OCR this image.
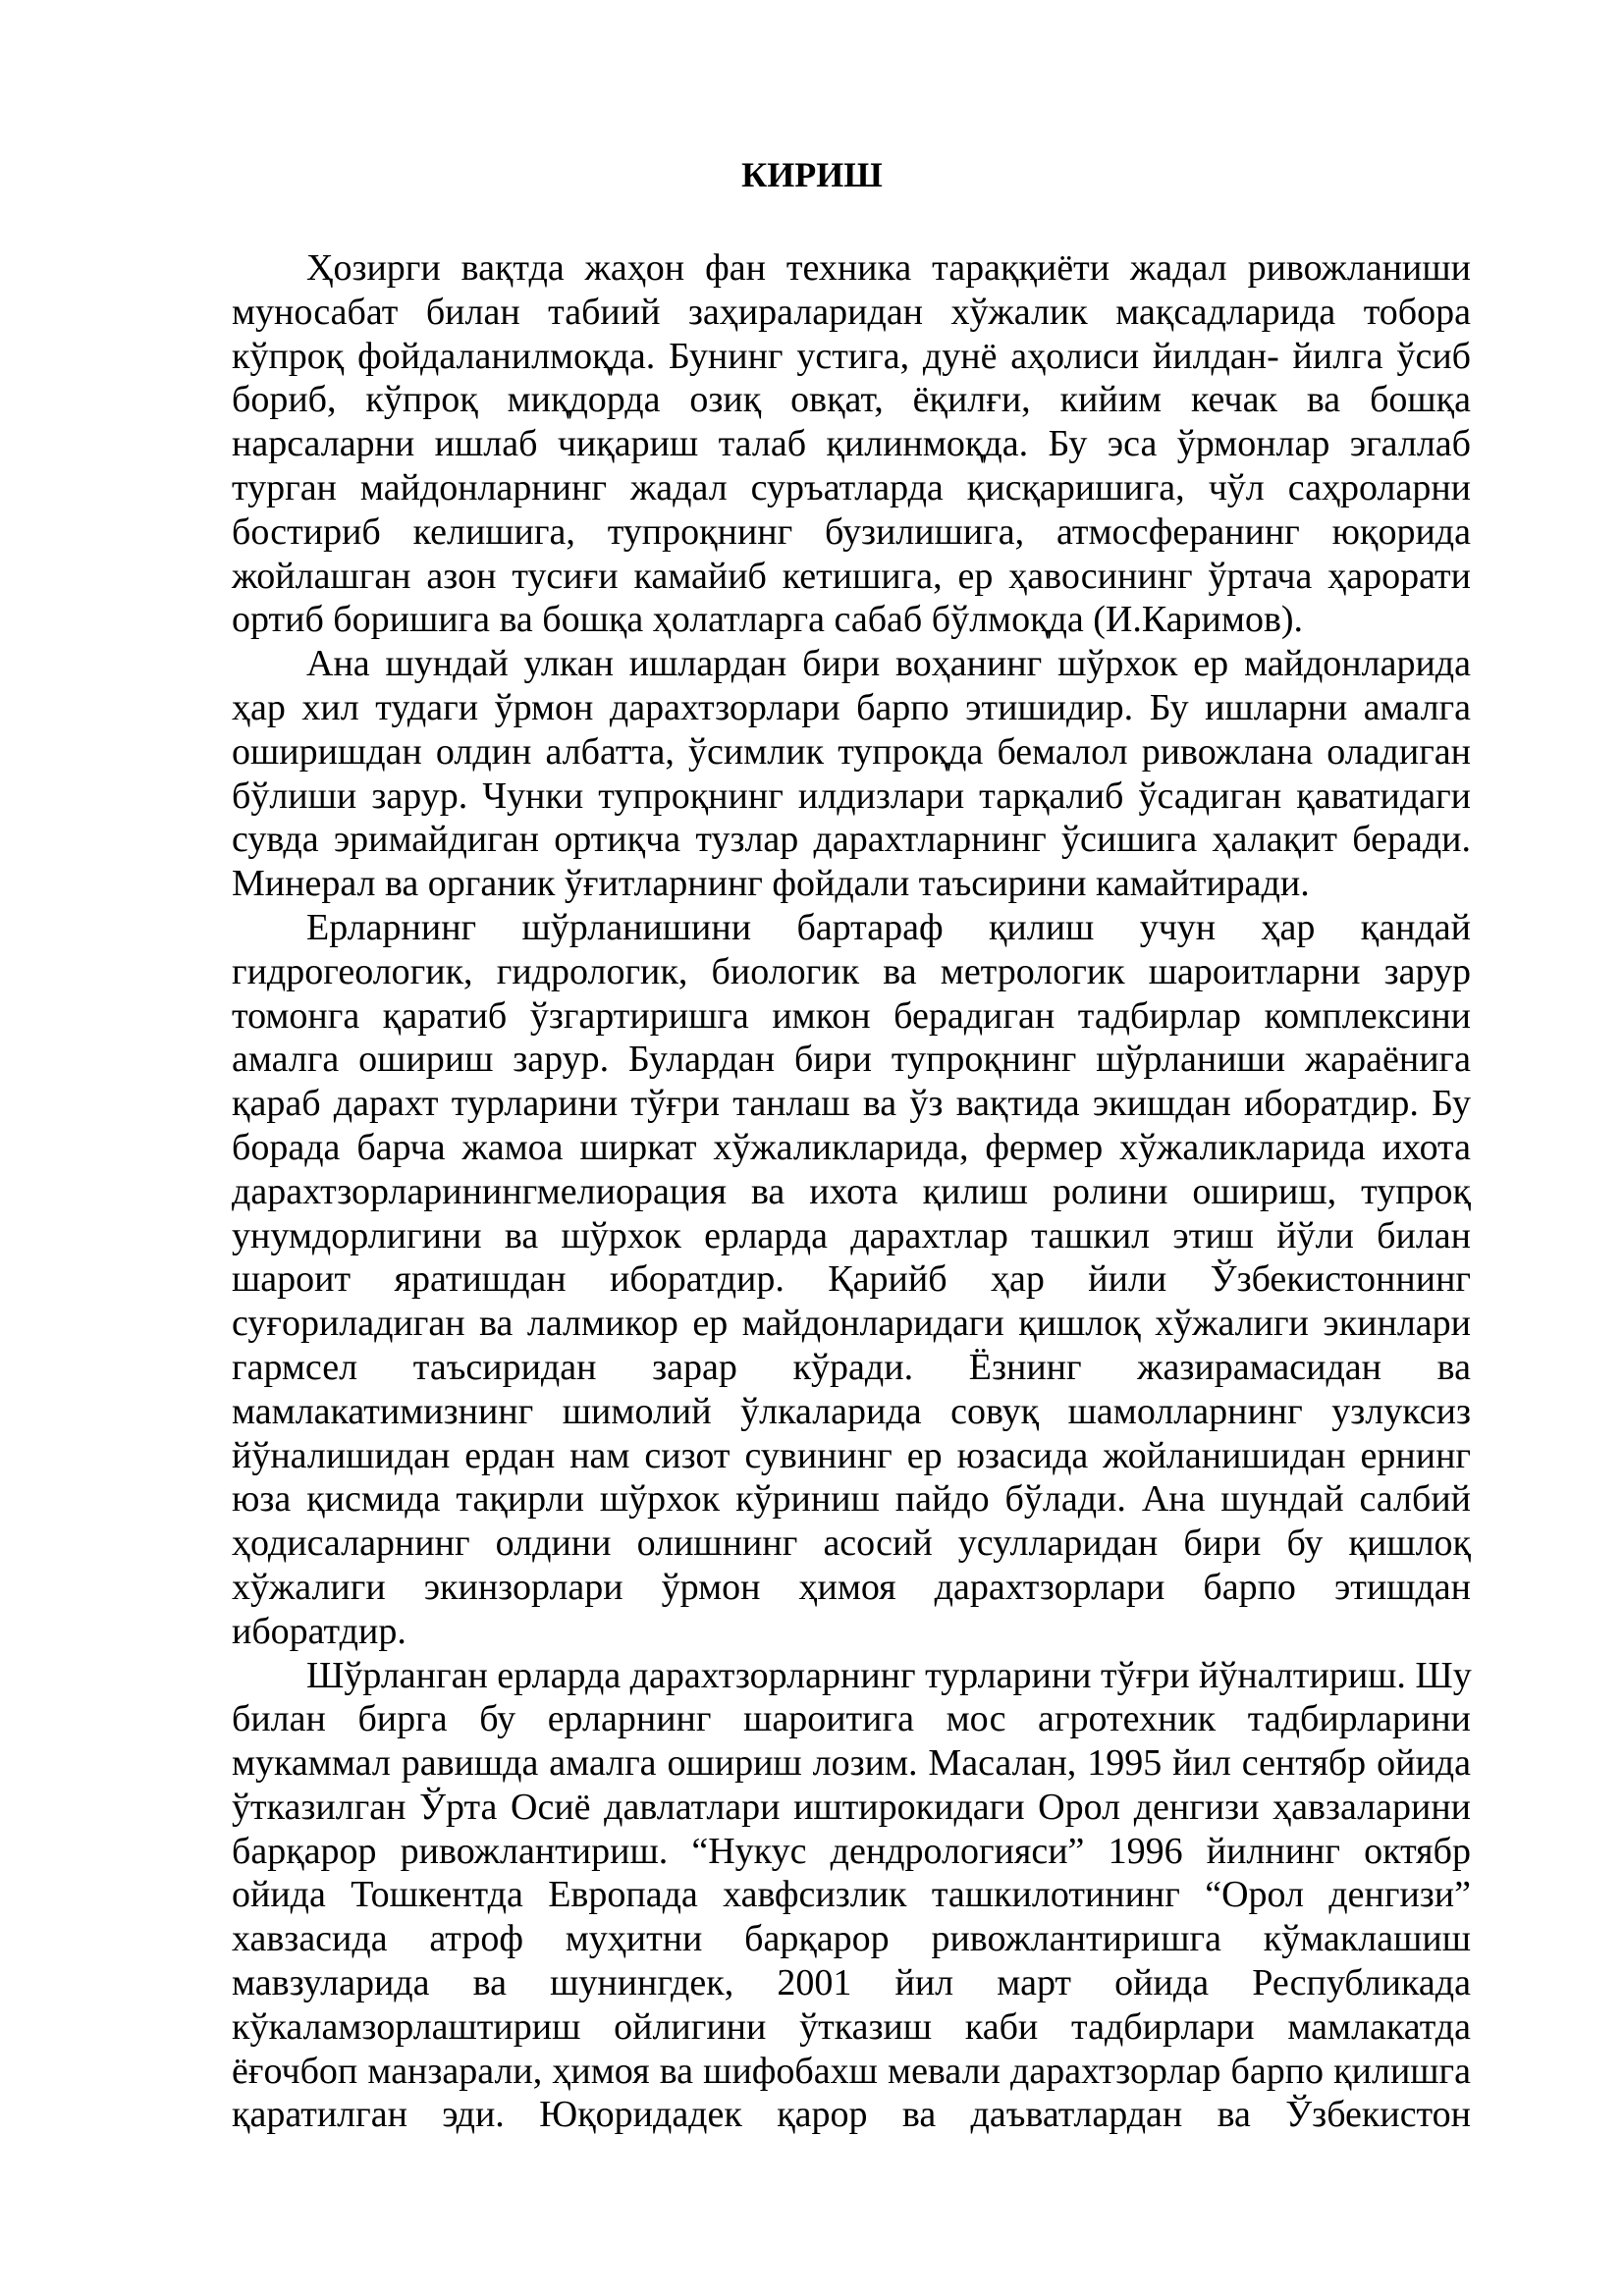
КИРИШ
Ҳозирги вақтда жаҳон фан техника тараққиёти жадал ривожланиши
муносабат билан табиий заҳираларидан хўжалик мақсадларида тобора
кўпроқ фойдаланилмоқда. Бунинг устига, дунё аҳолиси йилдан- йилга ўсиб
бориб, кўпроқ миқдорда озиқ овқат, ёқилғи, кийим кечак ва бошқа
нарсаларни ишлаб чиқариш талаб қилинмоқда. Бу эса ўрмонлар эгаллаб
турган майдонларнинг жадал суръатларда қисқаришига, чўл саҳроларни
бостириб келишига, тупроқнинг бузилишига, атмосферанинг юқорида
жойлашган азон тусиғи камайиб кетишига, ер ҳавосининг ўртача ҳарорати
ортиб боришига ва бошқа ҳолатларга сабаб бўлмоқда (И.Каримов).
Ана шундай улкан ишлардан бири воҳанинг шўрхок ер майдонларида
ҳар хил тудаги ўрмон дарахтзорлари барпо этишидир. Бу ишларни амалга
оширишдан олдин албатта, ўсимлик тупроқда бемалол ривожлана оладиган
бўлиши зарур. Чунки тупроқнинг илдизлари тарқалиб ўсадиган қаватидаги
сувда эримайдиган ортиқча тузлар дарахтларнинг ўсишига ҳалақит беради.
Минерал ва органик ўғитларнинг фойдали таъсирини камайтиради.
Ерларнинг шўрланишини бартараф қилиш учун ҳар қандай
гидрогеологик, гидрологик, биологик ва метрологик шароитларни зарур
томонга қаратиб ўзгартиришга имкон берадиган тадбирлар комплексини
амалга ошириш зарур. Булардан бири тупроқнинг шўрланиши жараёнига
қараб дарахт турларини тўғри танлаш ва ўз вақтида экишдан иборатдир. Бу
борада барча жамоа ширкат хўжаликларида, фермер хўжаликларида ихота
дарахтзорларинингмелиорация ва ихота қилиш ролини ошириш, тупроқ
унумдорлигини ва шўрхок ерларда дарахтлар ташкил этиш йўли билан
шароит яратишдан иборатдир. Қарийб ҳар йили Ўзбекистоннинг
суғориладиган ва лалмикор ер майдонларидаги қишлоқ хўжалиги экинлари
гармсел таъсиридан зарар кўради. Ёзнинг жазирамасидан ва
мамлакатимизнинг шимолий ўлкаларида совуқ шамолларнинг узлуксиз
йўналишидан ердан нам сизот сувининг ер юзасида жойланишидан ернинг
юза қисмида тақирли шўрхок кўриниш пайдо бўлади. Ана шундай салбий
ҳодисаларнинг олдини олишнинг асосий усулларидан бири бу қишлоқ
хўжалиги экинзорлари ўрмон ҳимоя дарахтзорлари барпо этишдан
иборатдир.
Шўрланган ерларда дарахтзорларнинг турларини тўғри йўналтириш. Шу
билан бирга бу ерларнинг шароитига мос агротехник тадбирларини
мукаммал равишда амалга ошириш лозим. Масалан, 1995 йил сентябр ойида
ўтказилган Ўрта Осиё давлатлари иштирокидаги Орол денгизи ҳавзаларини
барқарор ривожлантириш. “Нукус дендрологияси” 1996 йилнинг октябр
ойида Тошкентда Европада хавфсизлик ташкилотининг “Орол денгизи”
хавзасида атроф муҳитни барқарор ривожлантиришга кўмаклашиш
мавзуларида ва шунингдек, 2001 йил март ойида Республикада
кўкаламзорлаштириш ойлигини ўтказиш каби тадбирлари мамлакатда
ёғочбоп манзарали, ҳимоя ва шифобахш мевали дарахтзорлар барпо қилишга
қаратилган эди. Юқоридадек қарор ва даъватлардан ва Ўзбекистон
